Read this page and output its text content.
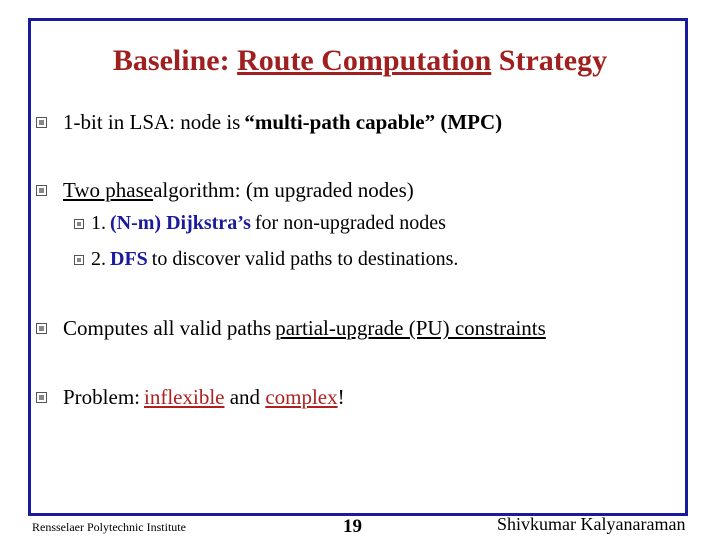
Baseline: Route Computation Strategy
1-bit in LSA: node is “multi-path capable” (MPC)
Two phase algorithm: (m upgraded nodes)
1. (N-m) Dijkstra’s for non-upgraded nodes
2. DFS to discover valid paths to destinations.
Computes all valid paths partial-upgrade (PU) constraints
Problem: inflexible and complex !
Rensselaer Polytechnic Institute	19	Shivkumar Kalyanaraman
